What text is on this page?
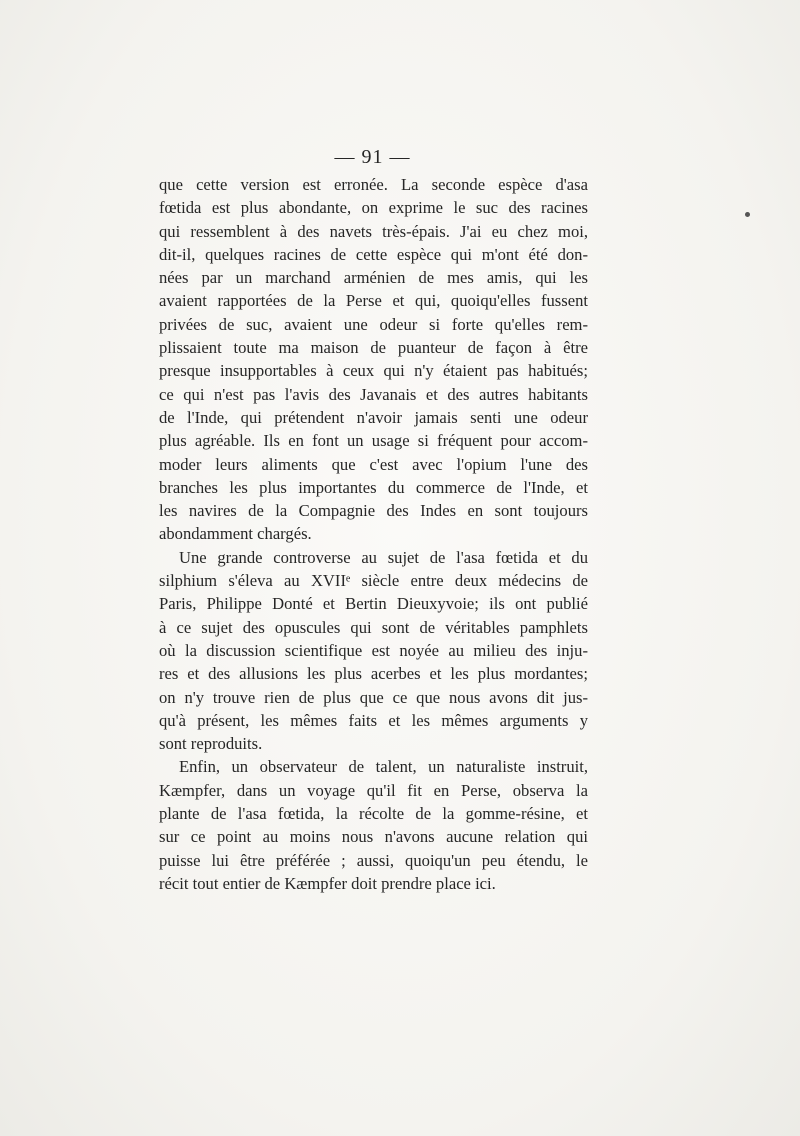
— 91 —
que cette version est erronée. La seconde espèce d'asa
fœtida est plus abondante, on exprime le suc des racines
qui ressemblent à des navets très-épais. J'ai eu chez moi,
dit-il, quelques racines de cette espèce qui m'ont été don-
nées par un marchand arménien de mes amis, qui les
avaient rapportées de la Perse et qui, quoiqu'elles fussent
privées de suc, avaient une odeur si forte qu'elles rem-
plissaient toute ma maison de puanteur de façon à être
presque insupportables à ceux qui n'y étaient pas habitués;
ce qui n'est pas l'avis des Javanais et des autres habitants
de l'Inde, qui prétendent n'avoir jamais senti une odeur
plus agréable. Ils en font un usage si fréquent pour accom-
moder leurs aliments que c'est avec l'opium l'une des
branches les plus importantes du commerce de l'Inde, et
les navires de la Compagnie des Indes en sont toujours
abondamment chargés.
Une grande controverse au sujet de l'asa fœtida et du
silphium s'éleva au XVIIᵉ siècle entre deux médecins de
Paris, Philippe Donté et Bertin Dieuxyvoie; ils ont publié
à ce sujet des opuscules qui sont de véritables pamphlets
où la discussion scientifique est noyée au milieu des inju-
res et des allusions les plus acerbes et les plus mordantes;
on n'y trouve rien de plus que ce que nous avons dit jus-
qu'à présent, les mêmes faits et les mêmes arguments y
sont reproduits.
Enfin, un observateur de talent, un naturaliste instruit,
Kæmpfer, dans un voyage qu'il fit en Perse, observa la
plante de l'asa fœtida, la récolte de la gomme-résine, et
sur ce point au moins nous n'avons aucune relation qui
puisse lui être préférée ; aussi, quoiqu'un peu étendu, le
récit tout entier de Kæmpfer doit prendre place ici.
